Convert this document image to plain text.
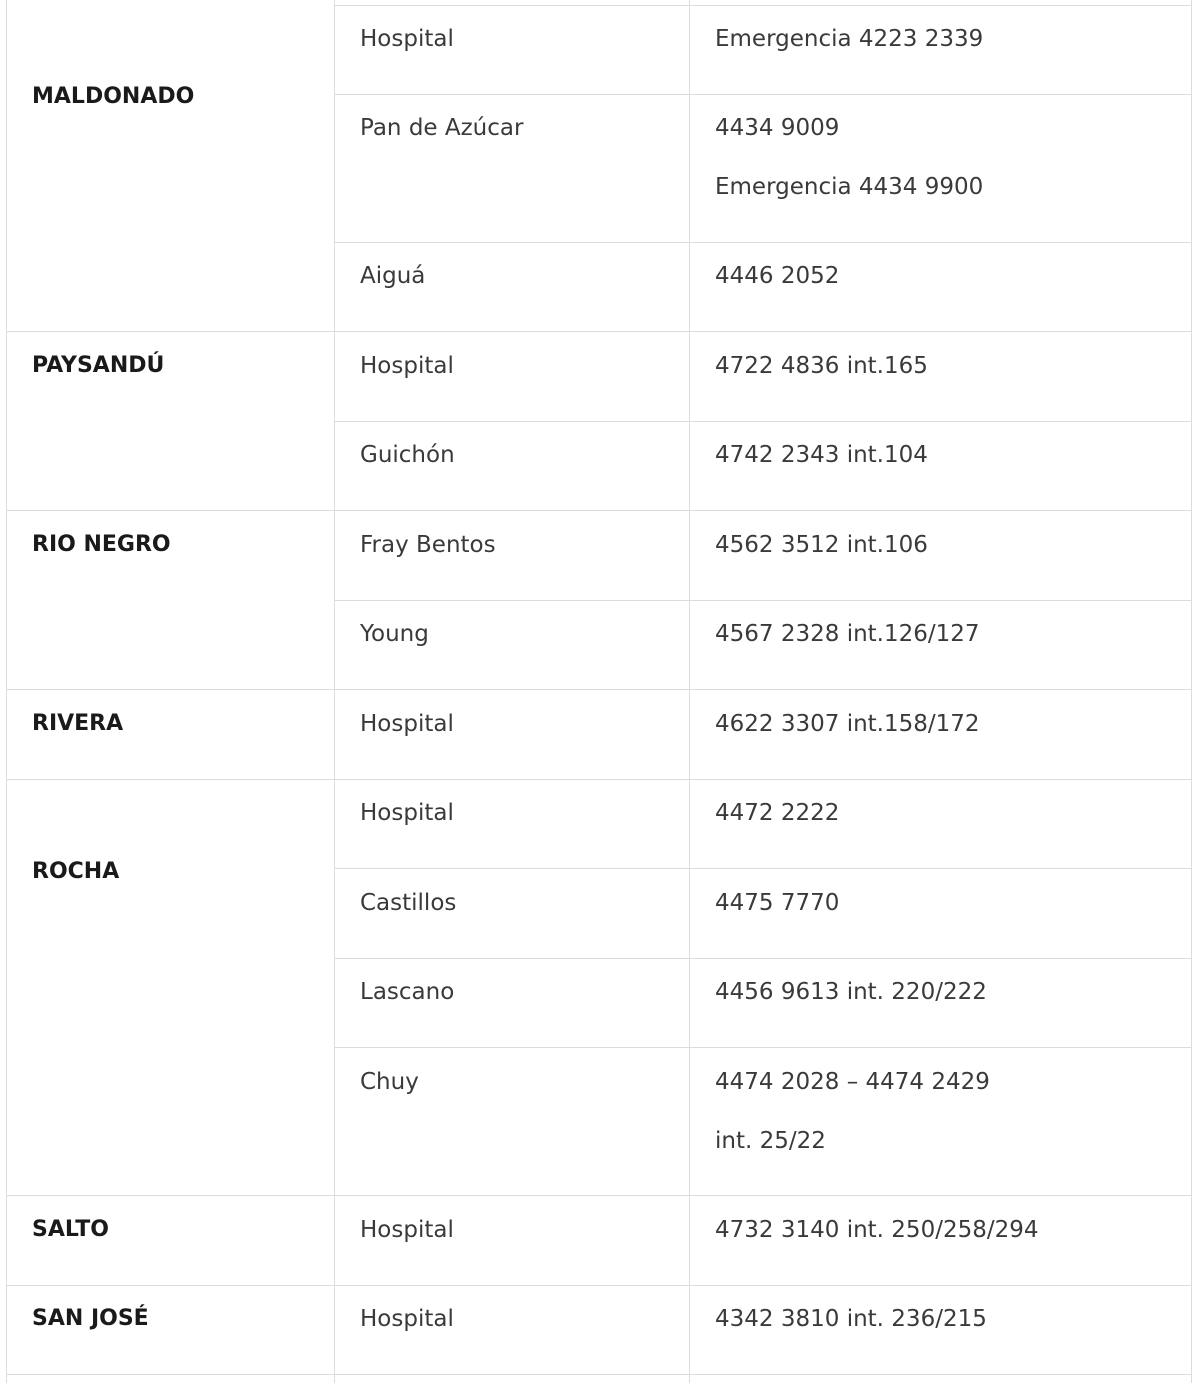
MALDONADO
Hospital	Emergencia 4223 2339
Pan de Azúcar	4434 9009
Emergencia 4434 9900
Aiguá	4446 2052
PAYSANDÚ	Hospital	4722 4836 int.165
Guichón	4742 2343 int.104
RIO NEGRO	Fray Bentos	4562 3512 int.106
Young	4567 2328 int.126/127
RIVERA	Hospital	4622 3307 int.158/172
ROCHA
Hospital	4472 2222
Castillos	4475 7770
Lascano	4456 9613 int. 220/222
Chuy	4474 2028 – 4474 2429
int. 25/22
SALTO	Hospital	4732 3140 int. 250/258/294
SAN JOSÉ	Hospital	4342 3810 int. 236/215
